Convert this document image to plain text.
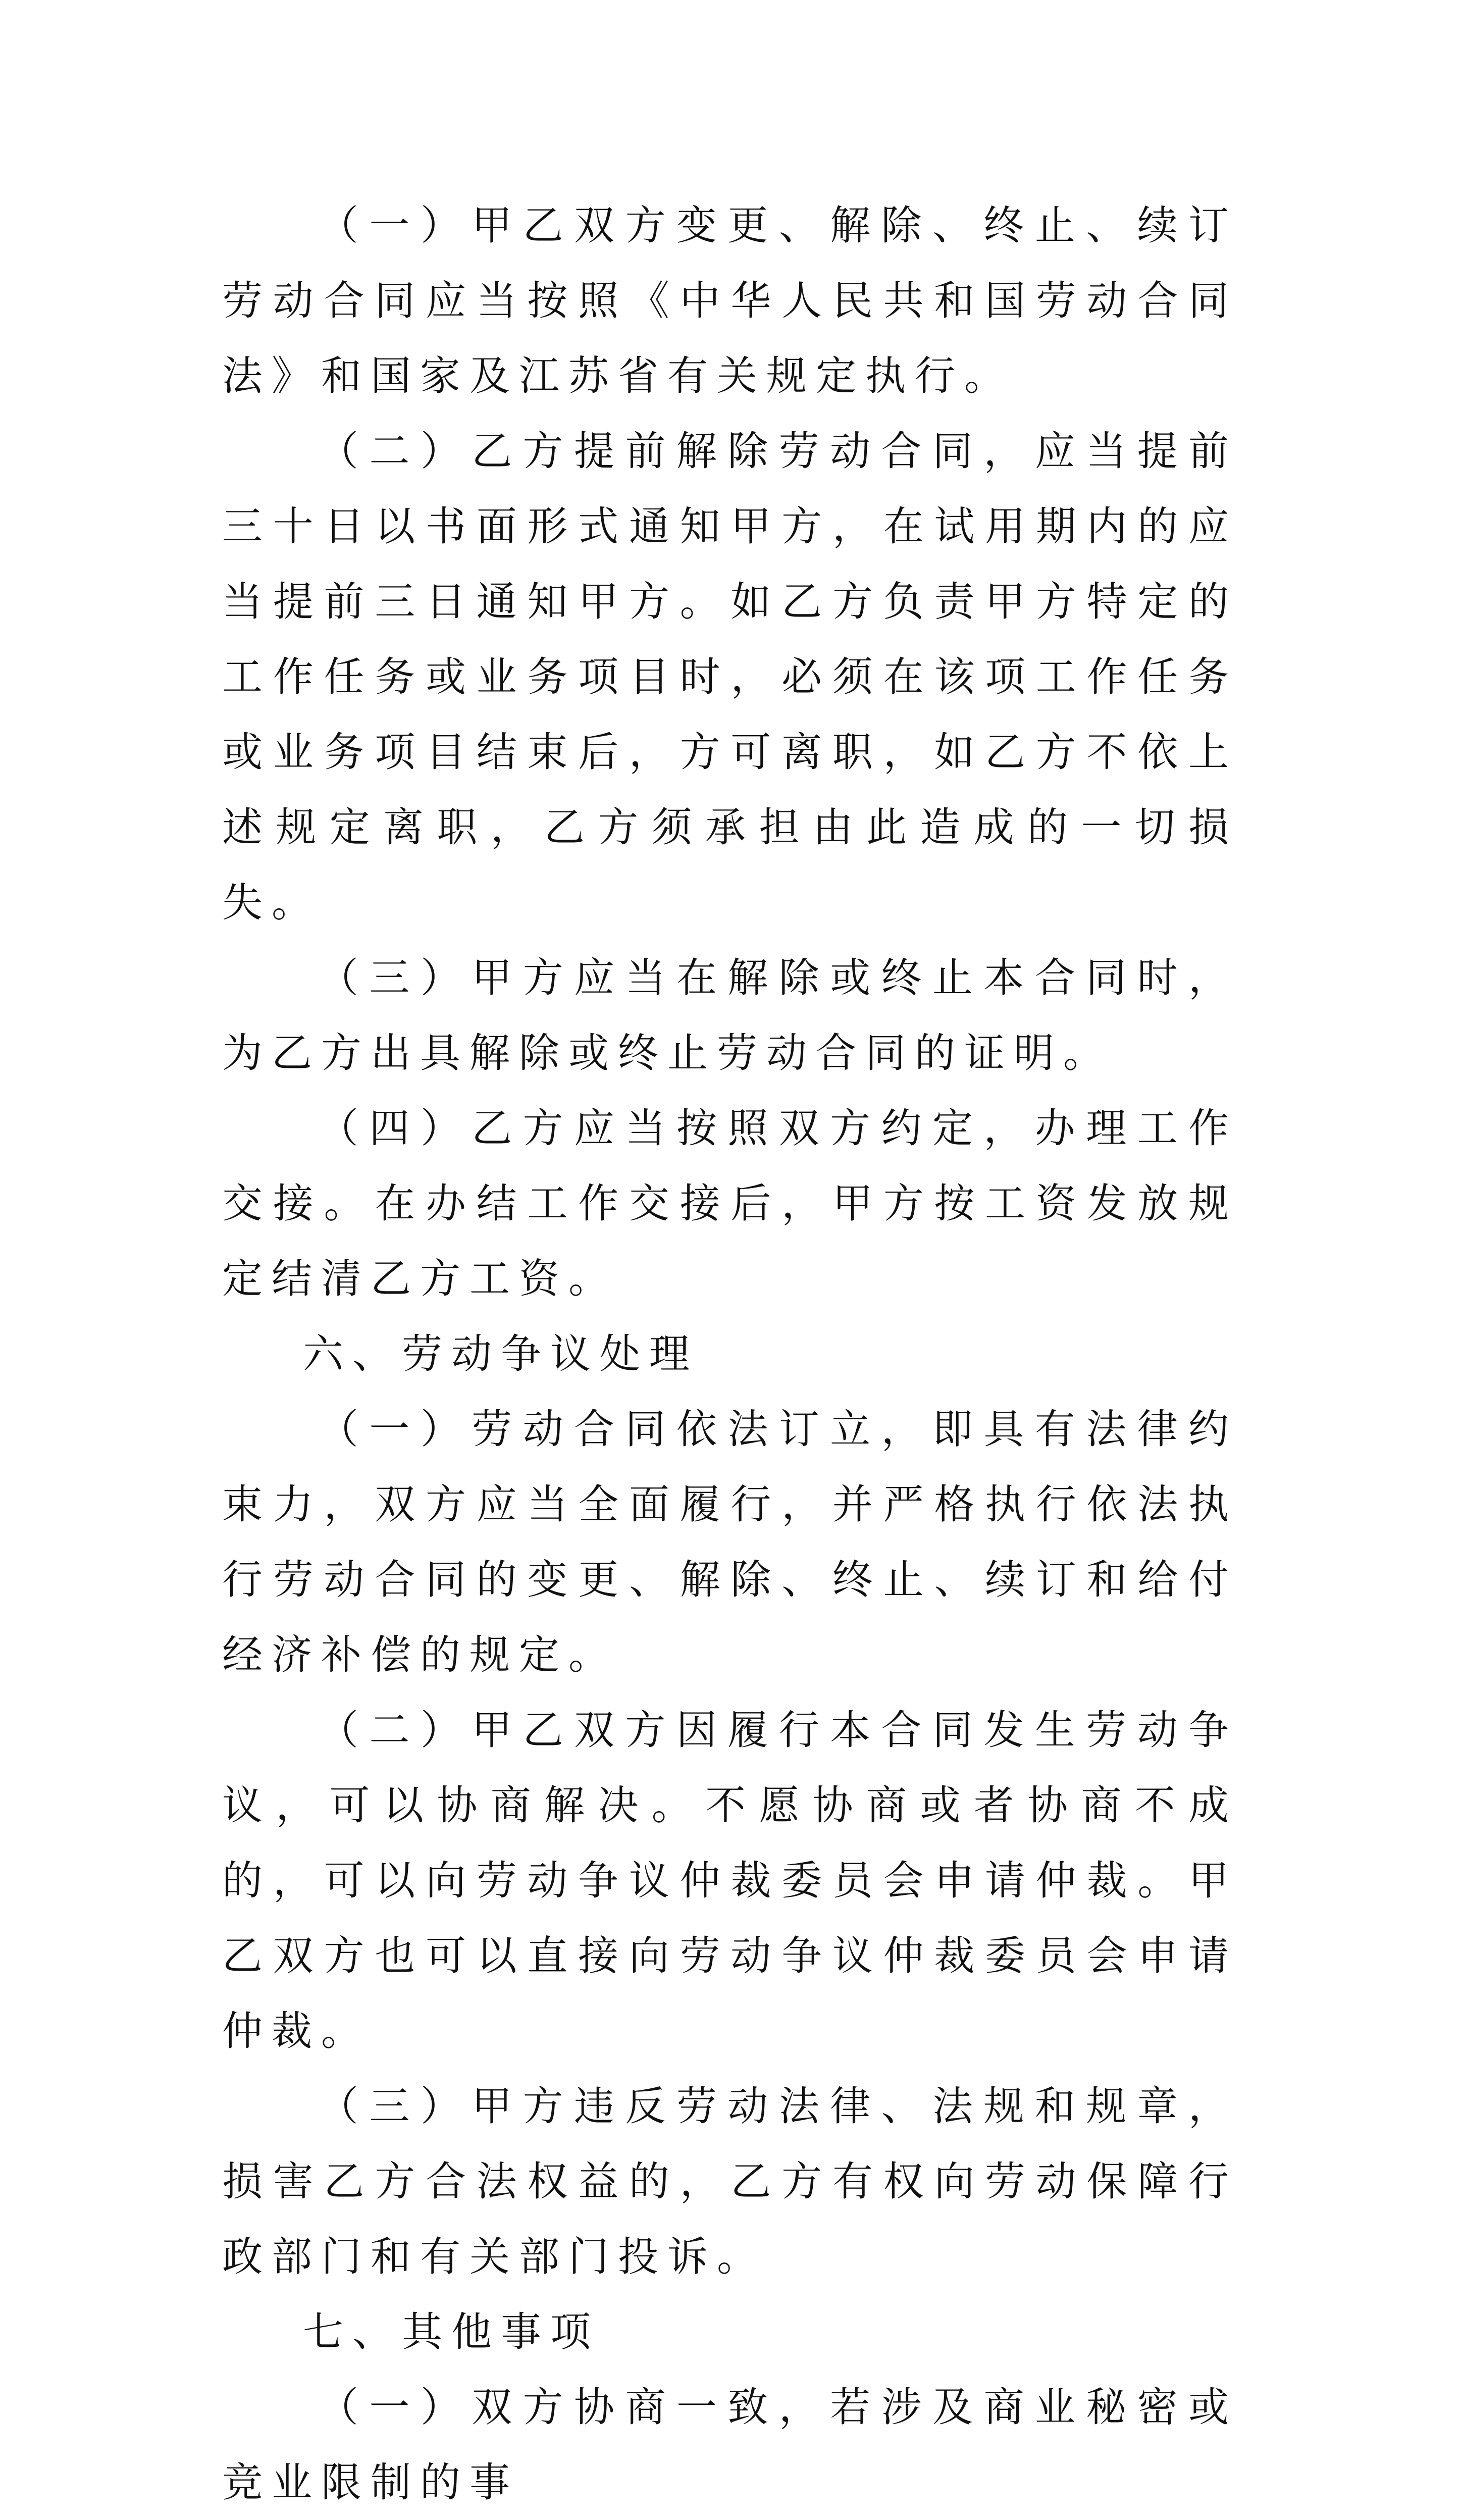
（一）甲乙双方变更、解除、终止、续订劳动合同应当按照《中华人民共和国劳动合同法》和国家及江苏省有关规定执行。

（二）乙方提前解除劳动合同，应当提前三十日以书面形式通知甲方，在试用期内的应当提前三日通知甲方。如乙方负责甲方特定的工作任务或业务项目时，必须在该项工作任务或业务项目结束后，方可离职，如乙方不依上述规定离职，乙方须承担由此造成的一切损失。

（三）甲方应当在解除或终止本合同时，为乙方出具解除或终止劳动合同的证明。

（四）乙方应当按照双方约定，办理工作交接。在办结工作交接后，甲方按工资发放规定结清乙方工资。

六、劳动争议处理

（一）劳动合同依法订立，即具有法律约束力，双方应当全面履行，并严格执行依法执行劳动合同的变更、解除、终止、续订和给付经济补偿的规定。

（二）甲乙双方因履行本合同发生劳动争议，可以协商解决。不愿协商或者协商不成的，可以向劳动争议仲裁委员会申请仲裁。甲乙双方也可以直接向劳动争议仲裁委员会申请仲裁。

（三）甲方违反劳动法律、法规和规章，损害乙方合法权益的，乙方有权向劳动保障行政部门和有关部门投诉。

七、其他事项

（一）双方协商一致，若涉及商业秘密或竞业限制的事
